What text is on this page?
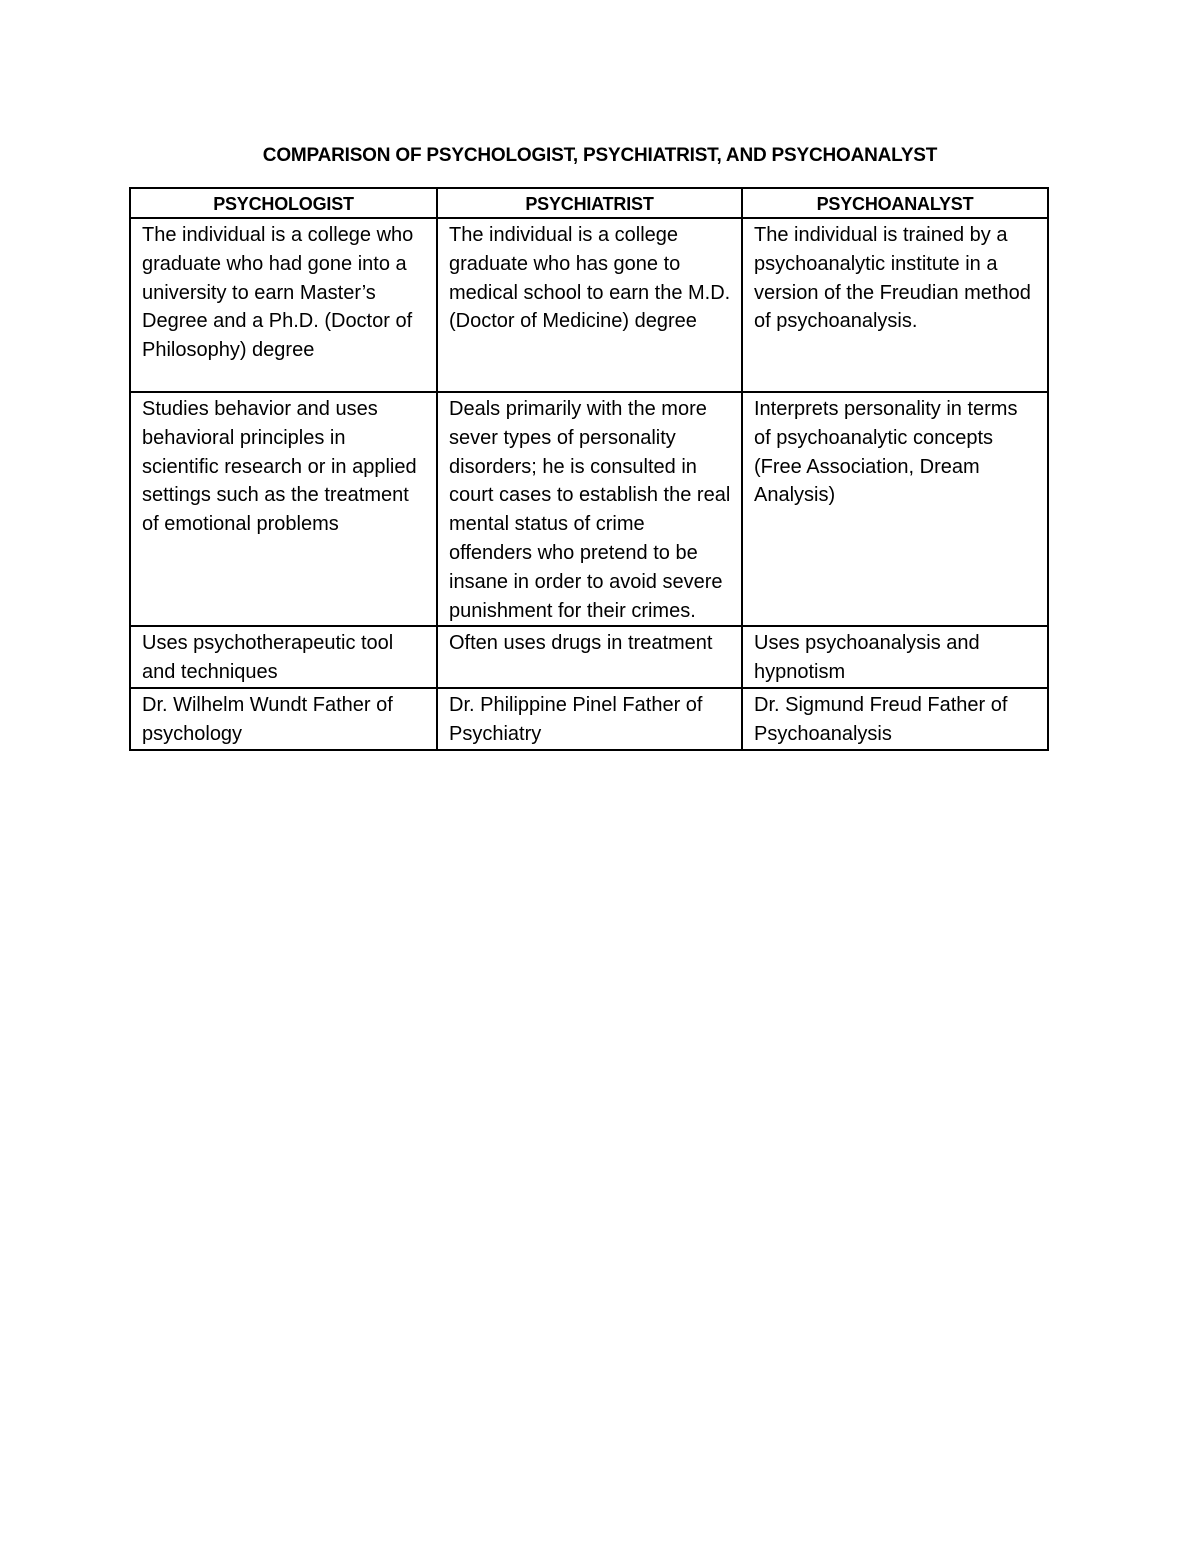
COMPARISON OF PSYCHOLOGIST, PSYCHIATRIST, AND PSYCHOANALYST
PSYCHOLOGIST	PSYCHIATRIST	PSYCHOANALYST
The individual is a college who graduate who had gone into a university to earn Master’s Degree and a Ph.D. (Doctor of Philosophy) degree	The individual is a college graduate who has gone to medical school to earn the M.D. (Doctor of Medicine) degree	The individual is trained by a psychoanalytic institute in a version of the Freudian method of psychoanalysis.
Studies behavior and uses behavioral principles in scientific research or in applied settings such as the treatment of emotional problems	Deals primarily with the more sever types of personality disorders; he is consulted in court cases to establish the real mental status of crime offenders who pretend to be insane in order to avoid severe punishment for their crimes.	Interprets personality in terms of psychoanalytic concepts (Free Association, Dream Analysis)
Uses psychotherapeutic tool and techniques	Often uses drugs in treatment	Uses psychoanalysis and hypnotism
Dr. Wilhelm Wundt Father of psychology	Dr. Philippine Pinel Father of Psychiatry	Dr. Sigmund Freud Father of Psychoanalysis
